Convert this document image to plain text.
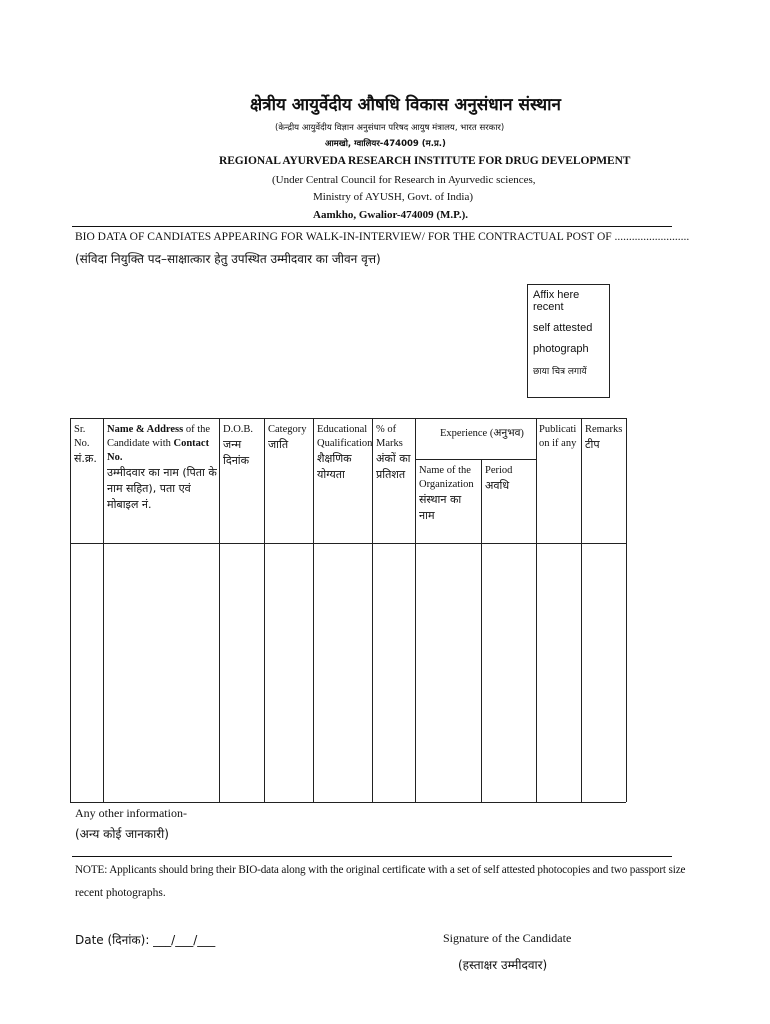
क्षेत्रीय आयुर्वेदीय औषधि विकास अनुसंधान संस्थान
(केन्द्रीय आयुर्वेदीय विज्ञान अनुसंधान परिषद आयुष मंत्रालय, भारत सरकार)
आमखो, ग्वालियर-474009 (म.प्र.)
REGIONAL AYURVEDA RESEARCH INSTITUTE FOR DRUG DEVELOPMENT
(Under Central Council for Research in Ayurvedic sciences,
Ministry of AYUSH, Govt. of India)
Aamkho, Gwalior-474009 (M.P.).
BIO DATA OF CANDIATES APPEARING FOR WALK-IN-INTERVIEW/ FOR THE CONTRACTUAL POST OF ..........................
(संविदा नियुक्ति पद–साक्षात्कार हेतु उपस्थित उम्मीदवार का जीवन वृत्त)
Affix here recent
self attested
photograph
छाया चित्र लगायें
Sr.
No.
सं.क्र.
Name & Address of the
Candidate with Contact No.
उम्मीदवार का नाम (पिता के नाम सहित), पता एवं मोबाइल नं.
D.O.B.
जन्म दिनांक
Category
जाति
Educational
Qualification
शैक्षणिक योग्यता
% of
Marks
अंकों का प्रतिशत
Experience (अनुभव)
Name of the
Organization
संस्थान का नाम
Period
अवधि
Publication if any
Remarks
टीप
Any other information-
(अन्य कोई जानकारी)
NOTE: Applicants should bring their BIO-data along with the original certificate with a set of self attested photocopies and two passport size
recent photographs.
Date (दिनांक): ___/___/___	Signature of the Candidate
(हस्ताक्षर उम्मीदवार)
